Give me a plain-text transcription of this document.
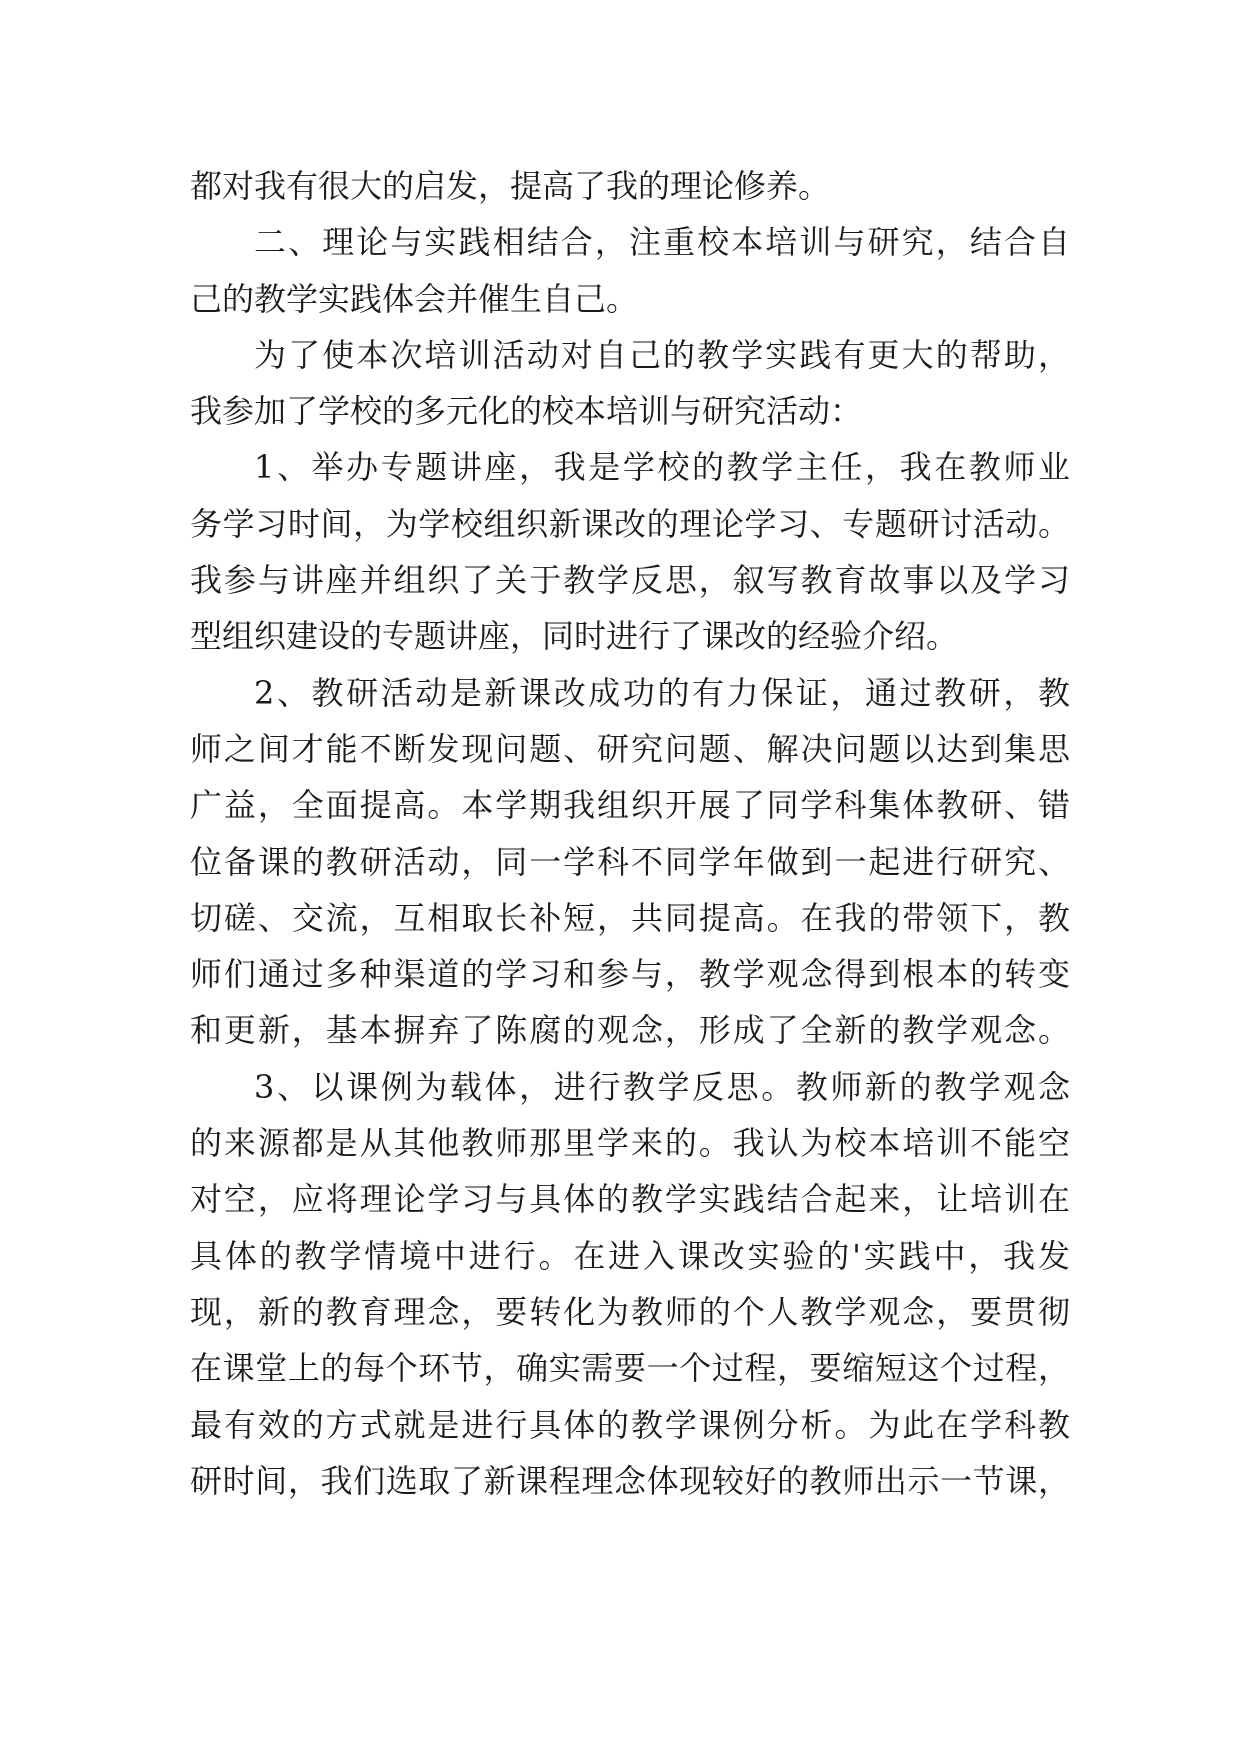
都对我有很大的启发，提高了我的理论修养。
二、理论与实践相结合，注重校本培训与研究，结合自
己的教学实践体会并催生自己。
为了使本次培训活动对自己的教学实践有更大的帮助，
我参加了学校的多元化的校本培训与研究活动：
1、举办专题讲座，我是学校的教学主任，我在教师业
务学习时间，为学校组织新课改的理论学习、专题研讨活动。
我参与讲座并组织了关于教学反思，叙写教育故事以及学习
型组织建设的专题讲座，同时进行了课改的经验介绍。
2、教研活动是新课改成功的有力保证，通过教研，教
师之间才能不断发现问题、研究问题、解决问题以达到集思
广益，全面提高。本学期我组织开展了同学科集体教研、错
位备课的教研活动，同一学科不同学年做到一起进行研究、
切磋、交流，互相取长补短，共同提高。在我的带领下，教
师们通过多种渠道的学习和参与，教学观念得到根本的转变
和更新，基本摒弃了陈腐的观念，形成了全新的教学观念。
3、以课例为载体，进行教学反思。教师新的教学观念
的来源都是从其他教师那里学来的。我认为校本培训不能空
对空，应将理论学习与具体的教学实践结合起来，让培训在
具体的教学情境中进行。在进入课改实验的'实践中，我发
现，新的教育理念，要转化为教师的个人教学观念，要贯彻
在课堂上的每个环节，确实需要一个过程，要缩短这个过程，
最有效的方式就是进行具体的教学课例分析。为此在学科教
研时间，我们选取了新课程理念体现较好的教师出示一节课，
